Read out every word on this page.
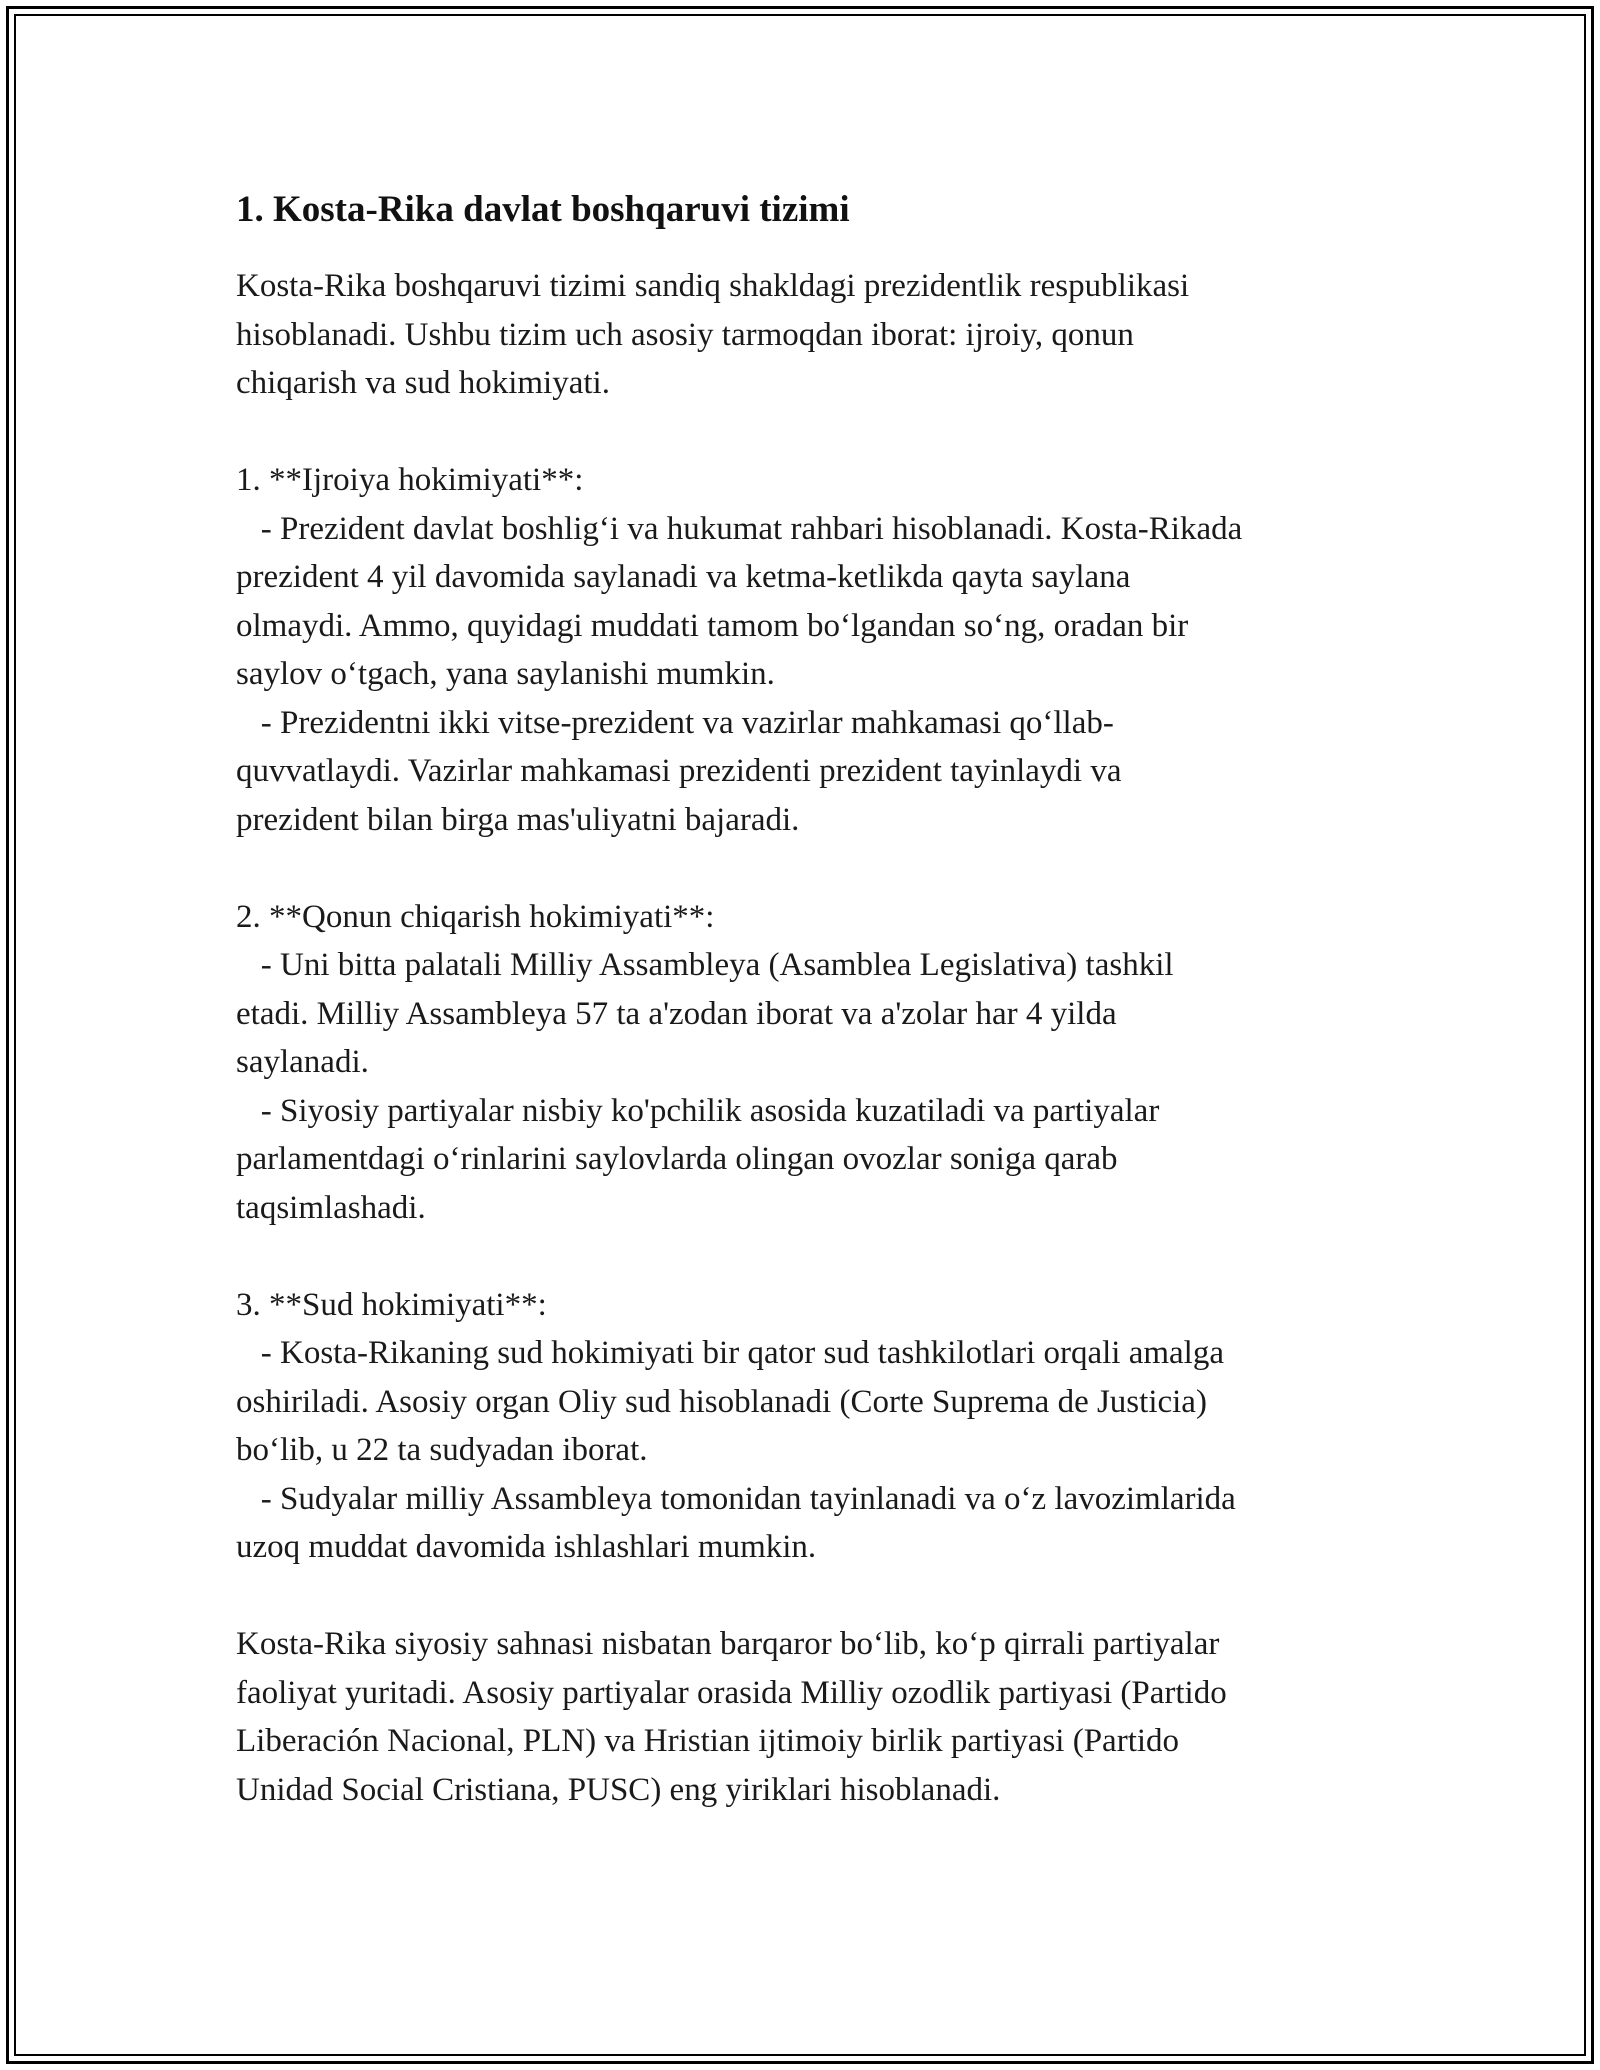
1. Kosta-Rika davlat boshqaruvi tizimi
Kosta-Rika boshqaruvi tizimi sandiq shakldagi prezidentlik respublikasi
hisoblanadi. Ushbu tizim uch asosiy tarmoqdan iborat: ijroiy, qonun
chiqarish va sud hokimiyati.

1. **Ijroiya hokimiyati**:
- Prezident davlat boshlig‘i va hukumat rahbari hisoblanadi. Kosta-Rikada
prezident 4 yil davomida saylanadi va ketma-ketlikda qayta saylana
olmaydi. Ammo, quyidagi muddati tamom bo‘lgandan so‘ng, oradan bir
saylov o‘tgach, yana saylanishi mumkin.
- Prezidentni ikki vitse-prezident va vazirlar mahkamasi qo‘llab-
quvvatlaydi. Vazirlar mahkamasi prezidenti prezident tayinlaydi va
prezident bilan birga mas'uliyatni bajaradi.

2. **Qonun chiqarish hokimiyati**:
- Uni bitta palatali Milliy Assambleya (Asamblea Legislativa) tashkil
etadi. Milliy Assambleya 57 ta a'zodan iborat va a'zolar har 4 yilda
saylanadi.
- Siyosiy partiyalar nisbiy ko'pchilik asosida kuzatiladi va partiyalar
parlamentdagi o‘rinlarini saylovlarda olingan ovozlar soniga qarab
taqsimlashadi.

3. **Sud hokimiyati**:
- Kosta-Rikaning sud hokimiyati bir qator sud tashkilotlari orqali amalga
oshiriladi. Asosiy organ Oliy sud hisoblanadi (Corte Suprema de Justicia)
bo‘lib, u 22 ta sudyadan iborat.
- Sudyalar milliy Assambleya tomonidan tayinlanadi va o‘z lavozimlarida
uzoq muddat davomida ishlashlari mumkin.

Kosta-Rika siyosiy sahnasi nisbatan barqaror bo‘lib, ko‘p qirrali partiyalar
faoliyat yuritadi. Asosiy partiyalar orasida Milliy ozodlik partiyasi (Partido
Liberación Nacional, PLN) va Hristian ijtimoiy birlik partiyasi (Partido
Unidad Social Cristiana, PUSC) eng yiriklari hisoblanadi.
